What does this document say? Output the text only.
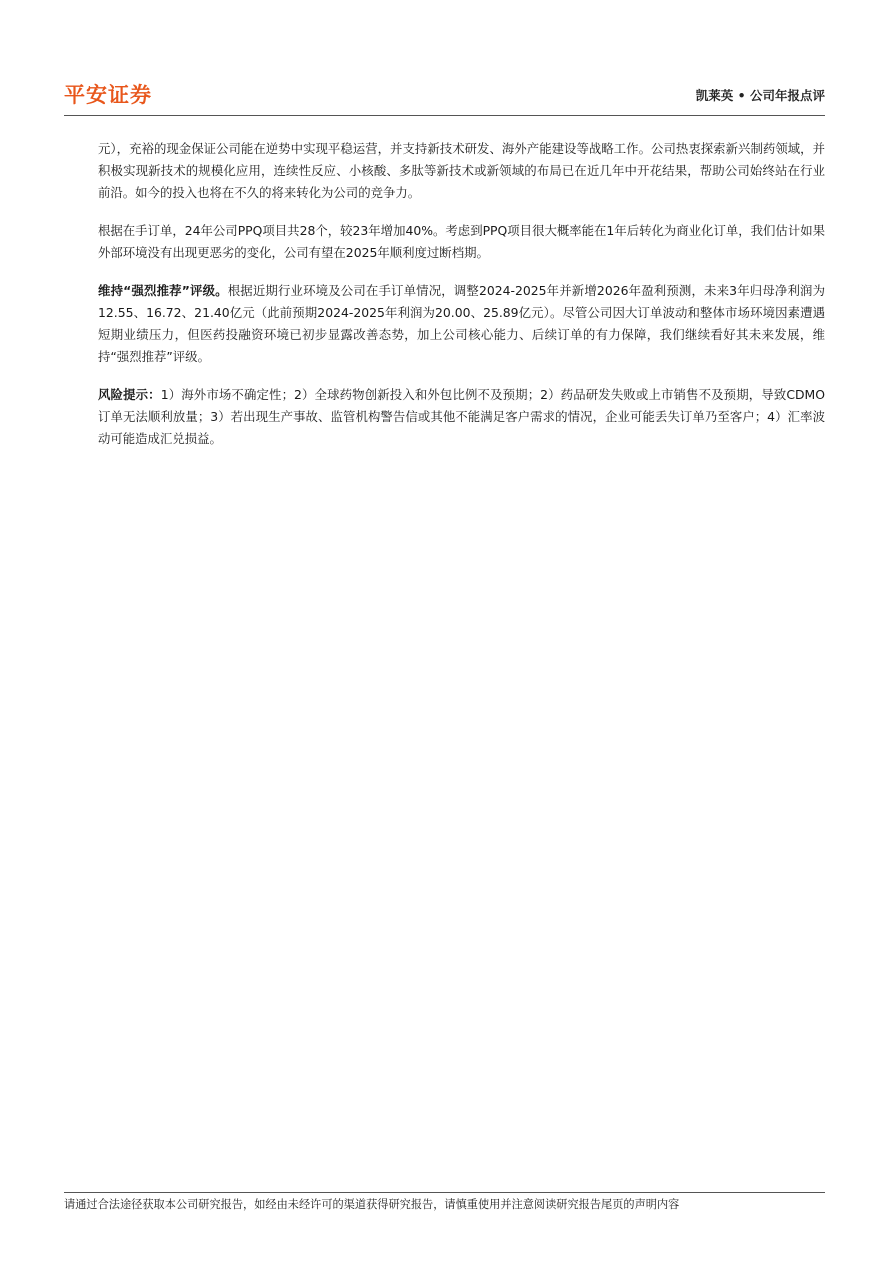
平安证券	凯莱英 • 公司年报点评

元），充裕的现金保证公司能在逆势中实现平稳运营，并支持新技术研发、海外产能建设等战略工作。公司热衷探索新兴制药领域，并积极实现新技术的规模化应用，连续性反应、小核酸、多肽等新技术或新领域的布局已在近几年中开花结果，帮助公司始终站在行业前沿。如今的投入也将在不久的将来转化为公司的竞争力。

根据在手订单，24年公司PPQ项目共28个，较23年增加40%。考虑到PPQ项目很大概率能在1年后转化为商业化订单，我们估计如果外部环境没有出现更恶劣的变化，公司有望在2025年顺利度过断档期。

维持“强烈推荐”评级。根据近期行业环境及公司在手订单情况，调整2024-2025年并新增2026年盈利预测，未来3年归母净利润为12.55、16.72、21.40亿元（此前预期2024-2025年利润为20.00、25.89亿元）。尽管公司因大订单波动和整体市场环境因素遭遇短期业绩压力，但医药投融资环境已初步显露改善态势，加上公司核心能力、后续订单的有力保障，我们继续看好其未来发展，维持“强烈推荐”评级。

风险提示：1）海外市场不确定性；2）全球药物创新投入和外包比例不及预期；2）药品研发失败或上市销售不及预期，导致CDMO订单无法顺利放量；3）若出现生产事故、监管机构警告信或其他不能满足客户需求的情况，企业可能丢失订单乃至客户；4）汇率波动可能造成汇兑损益。

请通过合法途径获取本公司研究报告，如经由未经许可的渠道获得研究报告，请慎重使用并注意阅读研究报告尾页的声明内容
